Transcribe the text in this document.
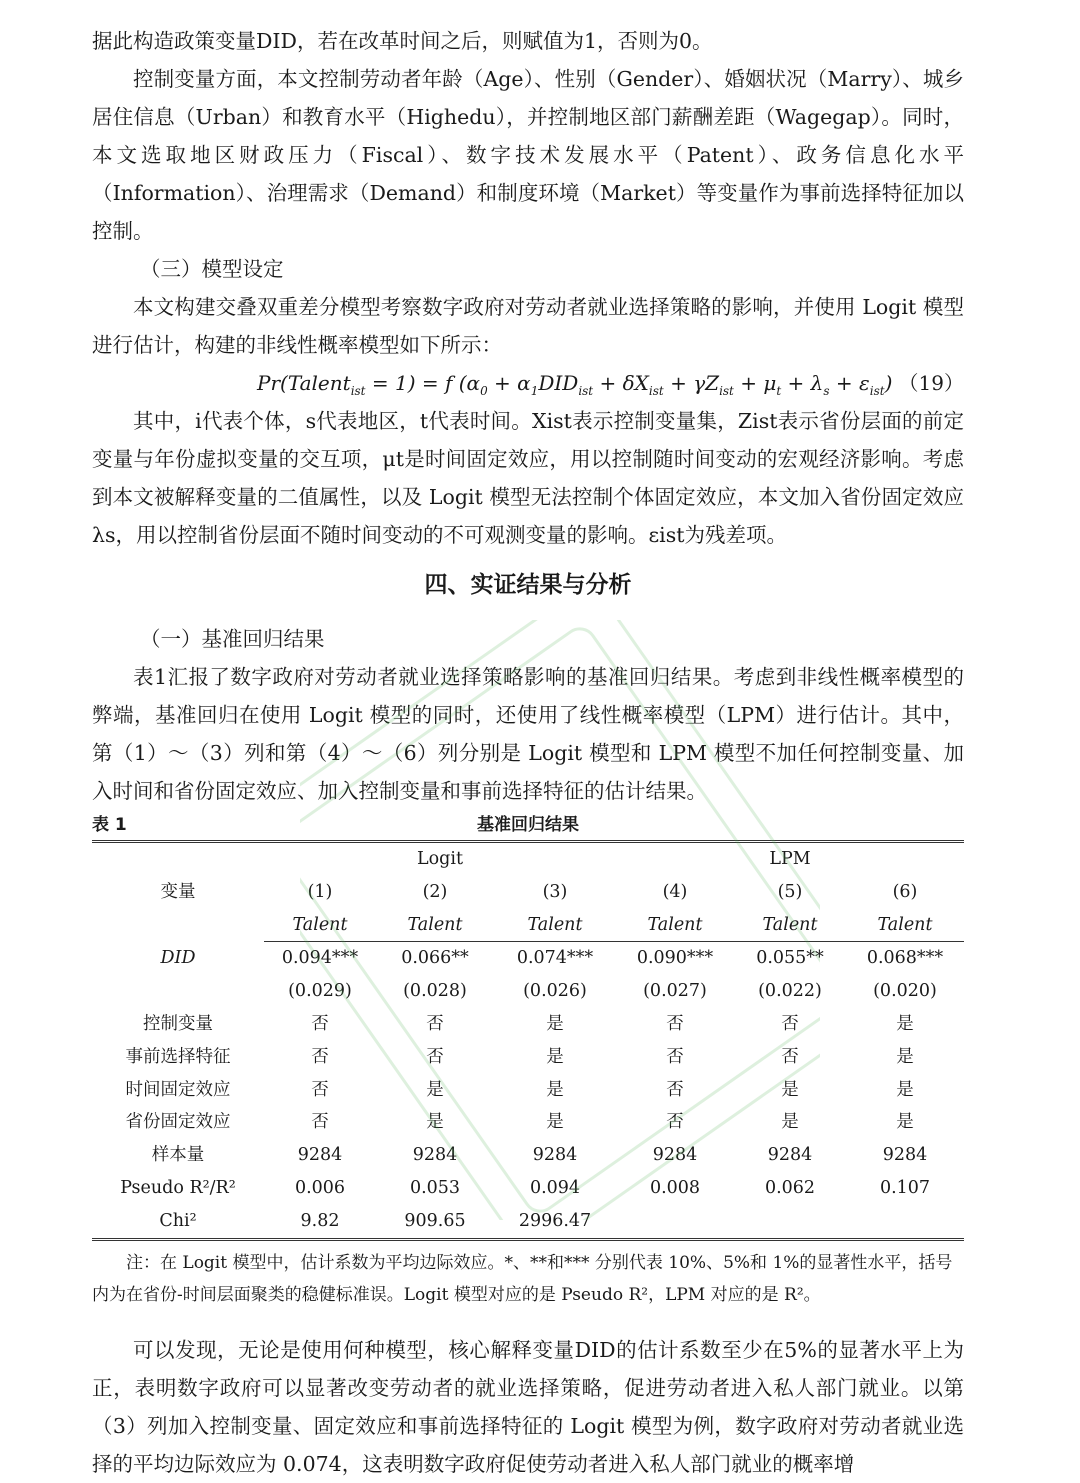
据此构造政策变量DID，若在改革时间之后，则赋值为1，否则为0。

控制变量方面，本文控制劳动者年龄（Age）、性别（Gender）、婚姻状况（Marry）、城乡居住信息（Urban）和教育水平（Highedu），并控制地区部门薪酬差距（Wagegap）。同时，本文选取地区财政压力（Fiscal）、数字技术发展水平（Patent）、政务信息化水平（Information）、治理需求（Demand）和制度环境（Market）等变量作为事前选择特征加以控制。

（三）模型设定

本文构建交叠双重差分模型考察数字政府对劳动者就业选择策略的影响，并使用 Logit 模型进行估计，构建的非线性概率模型如下所示：

Pr(Talent$_{ist}$ = 1) = f $(\alpha_0 + \alpha_1DID_{ist} + \delta X_{ist} + \gamma Z_{ist} + \mu_t + \lambda_s + \varepsilon_{ist})$ （19）

其中，i代表个体，s代表地区，t代表时间。Xist表示控制变量集，Zist表示省份层面的前定变量与年份虚拟变量的交互项，μt是时间固定效应，用以控制随时间变动的宏观经济影响。考虑到本文被解释变量的二值属性，以及 Logit 模型无法控制个体固定效应，本文加入省份固定效应λs，用以控制省份层面不随时间变动的不可观测变量的影响。εist为残差项。

四、实证结果与分析
（一）基准回归结果

表1汇报了数字政府对劳动者就业选择策略影响的基准回归结果。考虑到非线性概率模型的弊端，基准回归在使用 Logit 模型的同时，还使用了线性概率模型（LPM）进行估计。其中，第（1）～（3）列和第（4）～（6）列分别是 Logit 模型和 LPM 模型不加任何控制变量、加入时间和省份固定效应、加入控制变量和事前选择特征的估计结果。

表 1	基准回归结果
变量	Logit			LPM		
	(1)	(2)	(3)	(4)	(5)	(6)
	Talent	Talent	Talent	Talent	Talent	Talent
DID	0.094***	0.066**	0.074***	0.090***	0.055**	0.068***
	(0.029)	(0.028)	(0.026)	(0.027)	(0.022)	(0.020)
控制变量	否	否	是	否	否	是
事前选择特征	否	否	是	否	否	是
时间固定效应	否	是	是	否	是	是
省份固定效应	否	是	是	否	是	是
样本量	9284	9284	9284	9284	9284	9284
Pseudo R²/R²	0.006	0.053	0.094	0.008	0.062	0.107
Chi²	9.82	909.65	2996.47			

注：在 Logit 模型中，估计系数为平均边际效应。*、**和*** 分别代表 10%、5%和 1%的显著性水平，括号内为在省份-时间层面聚类的稳健标准误。Logit 模型对应的是 Pseudo R²，LPM 对应的是 R²。

可以发现，无论是使用何种模型，核心解释变量DID的估计系数至少在5%的显著水平上为正，表明数字政府可以显著改变劳动者的就业选择策略，促进劳动者进入私人部门就业。以第（3）列加入控制变量、固定效应和事前选择特征的 Logit 模型为例，数字政府对劳动者就业选择的平均边际效应为 0.074，这表明数字政府促使劳动者进入私人部门就业的概率增
